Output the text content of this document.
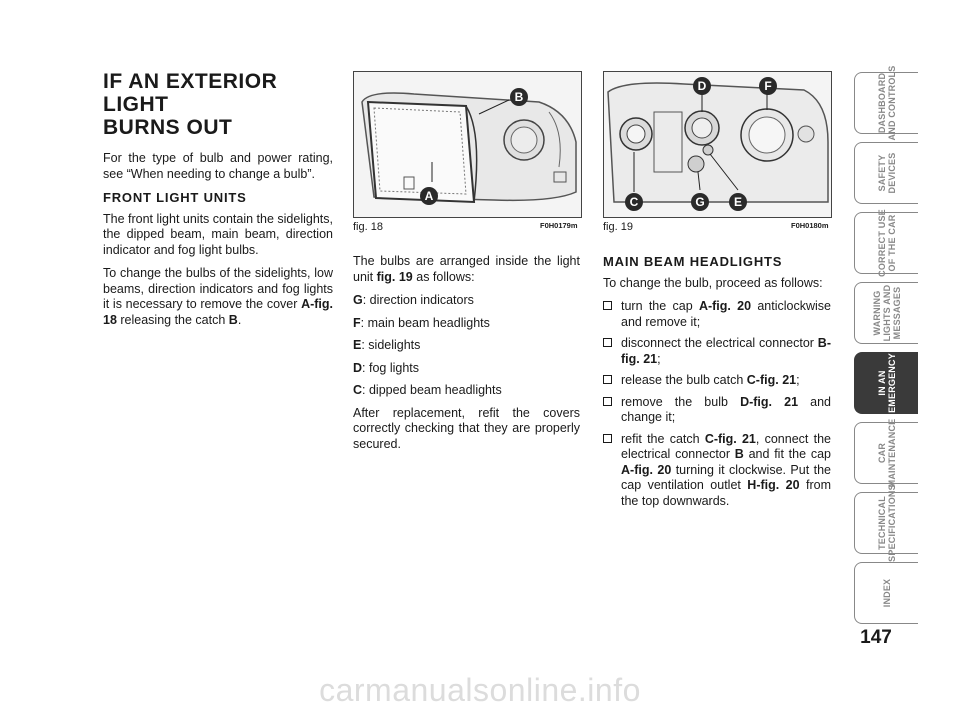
IF AN EXTERIOR LIGHT
BURNS OUT

For the type of bulb and power rating, see “When needing to change a bulb”.

FRONT LIGHT UNITS

The front light units contain the sidelights, the dipped beam, main beam, direction indicator and fog light bulbs.

To change the bulbs of the sidelights, low beams, direction indicators and fog lights it is necessary to remove the cover A-fig. 18 releasing the catch B.

A
B
fig. 18	F0H0179m
D	F
C	G	E
fig. 19	F0H0180m

The bulbs are arranged inside the light unit fig. 19 as follows:

G: direction indicators
F: main beam headlights
E: sidelights
D: fog lights
C: dipped beam headlights

After replacement, refit the covers correctly checking that they are properly secured.

MAIN BEAM HEADLIGHTS

To change the bulb, proceed as follows:

turn the cap A-fig. 20 anticlockwise and remove it;
disconnect the electrical connector B-fig. 21;
release the bulb catch C-fig. 21;
remove the bulb D-fig. 21 and change it;
refit the catch C-fig. 21, connect the electrical connector B and fit the cap A-fig. 20 turning it clockwise. Put the cap ventilation outlet H-fig. 20 from the top downwards.
DASHBOARD
AND CONTROLS
SAFETY
DEVICES
CORRECT USE
OF THE CAR
WARNING
LIGHTS AND
MESSAGES
IN AN
EMERGENCY
CAR
MAINTENANCE
TECHNICAL
SPECIFICATIONS
INDEX
147
carmanualsonline.info
